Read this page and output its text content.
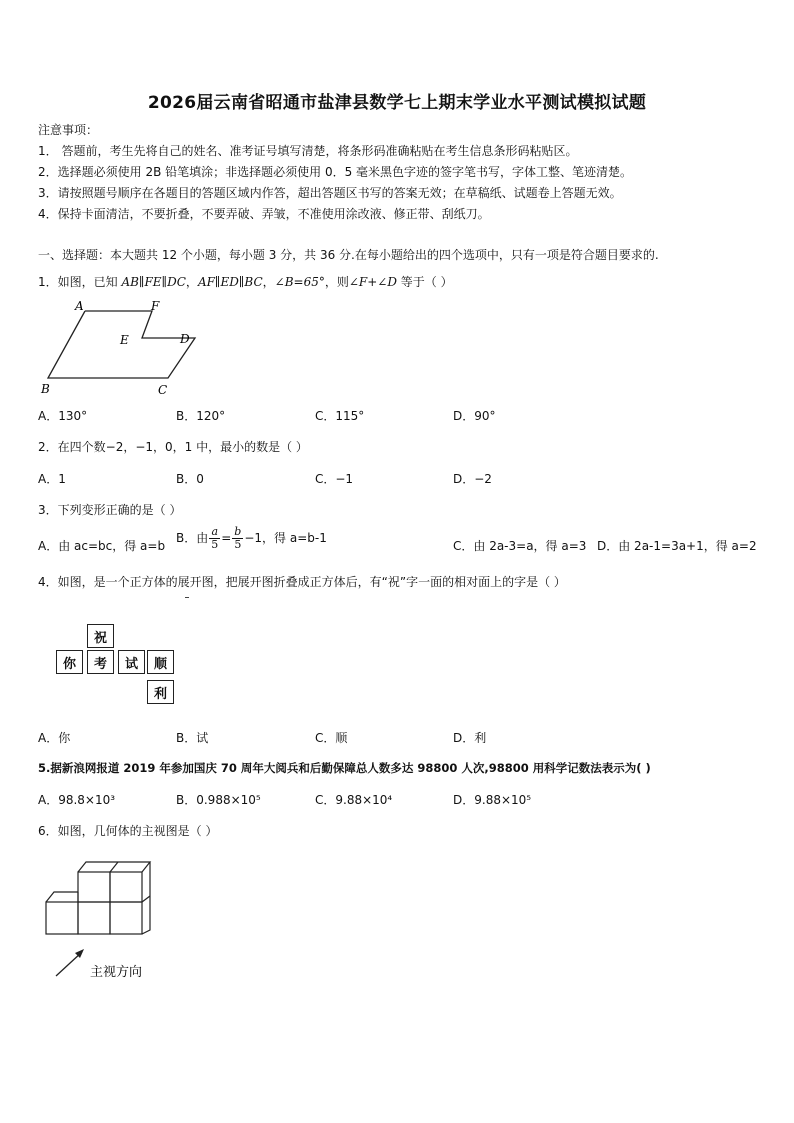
2026届云南省昭通市盐津县数学七上期末学业水平测试模拟试题
注意事项：
1． 答题前，考生先将自己的姓名、准考证号填写清楚，将条形码准确粘贴在考生信息条形码粘贴区。
2．选择题必须使用 2B 铅笔填涂；非选择题必须使用 0．5 毫米黑色字迹的签字笔书写，字体工整、笔迹清楚。
3．请按照题号顺序在各题目的答题区域内作答，超出答题区书写的答案无效；在草稿纸、试题卷上答题无效。
4．保持卡面清洁，不要折叠，不要弄破、弄皱，不准使用涂改液、修正带、刮纸刀。
一、选择题：本大题共 12 个小题，每小题 3 分，共 36 分.在每小题给出的四个选项中，只有一项是符合题目要求的.
1．如图，已知 AB∥FE∥DC，AF∥ED∥BC，∠B=65°，则∠F+∠D 等于（ ）
A	F
E	D
B	C
A．130°	B．120°	C．115°	D．90°
2．在四个数−2，−1，0，1 中，最小的数是（ ）
A．1	B．0	C．−1	D．−2
3．下列变形正确的是（ ）
A．由 ac=bc，得 a=b
B．由 $\frac{a}{5} = \frac{b}{5} -1$，得 a=b-1
C．由 2a-3=a，得 a=3 D．由 2a-1=3a+1，得 a=2
4．如图，是一个正方体的展开图，把展开图折叠成正方体后，有“祝”字一面的相对面上的字是（ ）
祝
你	考	试	顺
利
A．你	B．试	C．顺	D．利
5.据新浪网报道 2019 年参加国庆 70 周年大阅兵和后勤保障总人数多达 98800 人次,98800 用科学记数法表示为( )
A．98.8×10³	B．0.988×10⁵	C．9.88×10⁴	D．9.88×10⁵
6．如图，几何体的主视图是（ ）
主视方向
